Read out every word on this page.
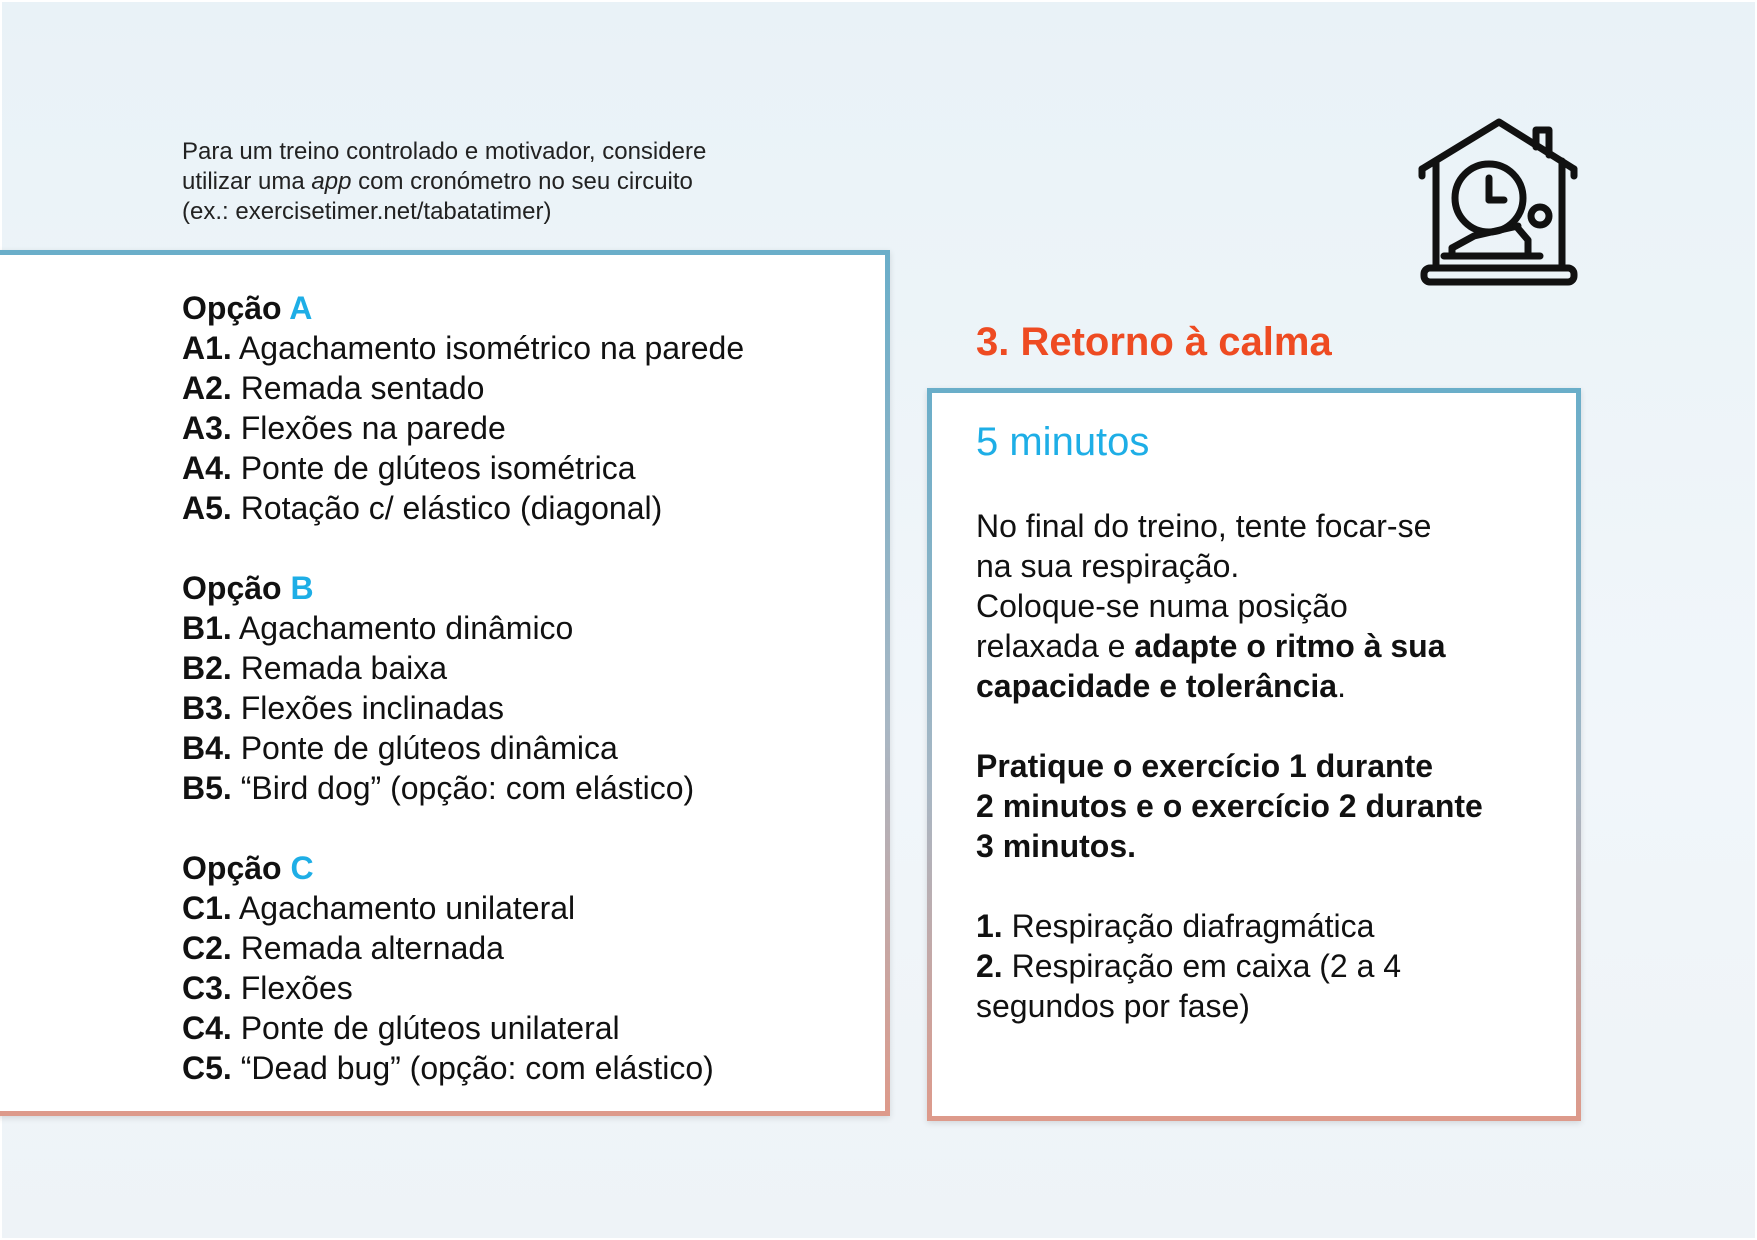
Para um treino controlado e motivador, considere
utilizar uma app com cronómetro no seu circuito
(ex.: exercisetimer.net/tabatatimer)
Opção A
A1. Agachamento isométrico na parede
A2. Remada sentado
A3. Flexões na parede
A4. Ponte de glúteos isométrica
A5. Rotação c/ elástico (diagonal)
Opção B
B1. Agachamento dinâmico
B2. Remada baixa
B3. Flexões inclinadas
B4. Ponte de glúteos dinâmica
B5. “Bird dog” (opção: com elástico)
Opção C
C1. Agachamento unilateral
C2. Remada alternada
C3. Flexões
C4. Ponte de glúteos unilateral
C5. “Dead bug” (opção: com elástico)
3. Retorno à calma
5 minutos
No final do treino, tente focar-se
na sua respiração.
Coloque-se numa posição
relaxada e adapte o ritmo à sua
capacidade e tolerância.
Pratique o exercício 1 durante
2 minutos e o exercício 2 durante
3 minutos.
1. Respiração diafragmática
2. Respiração em caixa (2 a 4
segundos por fase)
